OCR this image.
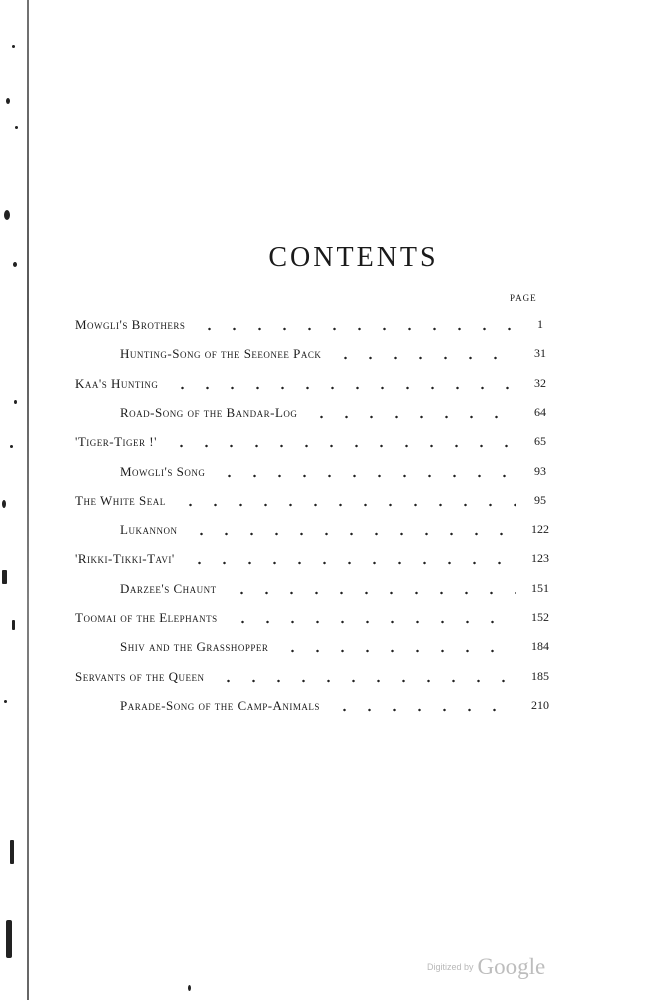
CONTENTS
PAGE
Mowgli's Brothers	1
Hunting-Song of the Seeonee Pack	31
Kaa's Hunting	32
Road-Song of the Bandar-Log	64
'Tiger-Tiger !'	65
Mowgli's Song	93
The White Seal	95
Lukannon	122
'Rikki-Tikki-Tavi'	123
Darzee's Chaunt	151
Toomai of the Elephants	152
Shiv and the Grasshopper	184
Servants of the Queen	185
Parade-Song of the Camp-Animals	210
Digitized by Google
